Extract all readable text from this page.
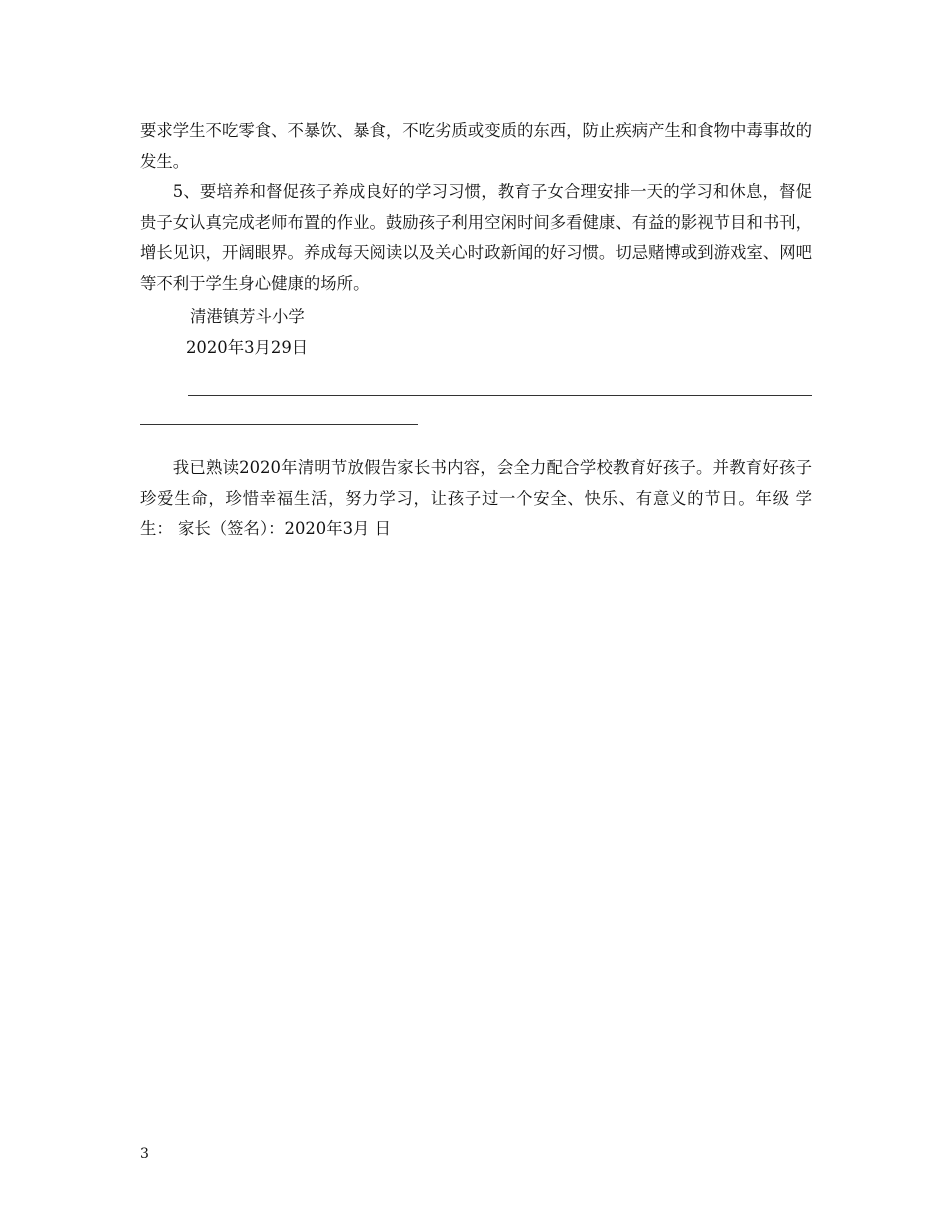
要求学生不吃零食、不暴饮、暴食，不吃劣质或变质的东西，防止疾病产生和食物中毒事故的发生。

5、要培养和督促孩子养成良好的学习习惯，教育子女合理安排一天的学习和休息，督促贵子女认真完成老师布置的作业。鼓励孩子利用空闲时间多看健康、有益的影视节目和书刊，增长见识，开阔眼界。养成每天阅读以及关心时政新闻的好习惯。切忌赌博或到游戏室、网吧等不利于学生身心健康的场所。

清港镇芳斗小学

2020年3月29日

我已熟读2020年清明节放假告家长书内容，会全力配合学校教育好孩子。并教育好孩子珍爱生命，珍惜幸福生活，努力学习，让孩子过一个安全、快乐、有意义的节日。年级 学生： 家长（签名）：2020年3月 日

3
